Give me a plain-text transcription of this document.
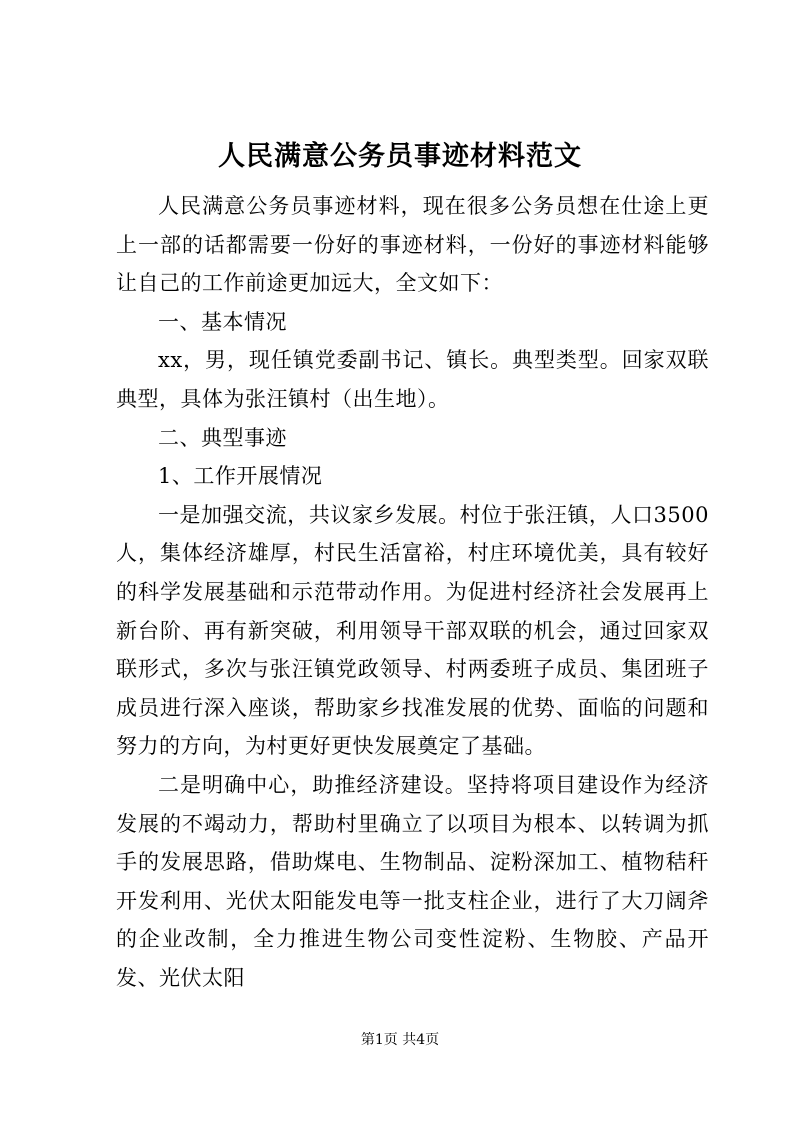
人民满意公务员事迹材料范文

人民满意公务员事迹材料，现在很多公务员想在仕途上更上一部的话都需要一份好的事迹材料，一份好的事迹材料能够让自己的工作前途更加远大，全文如下：

一、基本情况

xx，男，现任镇党委副书记、镇长。典型类型。回家双联典型，具体为张汪镇村（出生地）。

二、典型事迹

1、工作开展情况

一是加强交流，共议家乡发展。村位于张汪镇，人口3500人，集体经济雄厚，村民生活富裕，村庄环境优美，具有较好的科学发展基础和示范带动作用。为促进村经济社会发展再上新台阶、再有新突破，利用领导干部双联的机会，通过回家双联形式，多次与张汪镇党政领导、村两委班子成员、集团班子成员进行深入座谈，帮助家乡找准发展的优势、面临的问题和努力的方向，为村更好更快发展奠定了基础。

二是明确中心，助推经济建设。坚持将项目建设作为经济发展的不竭动力，帮助村里确立了以项目为根本、以转调为抓手的发展思路，借助煤电、生物制品、淀粉深加工、植物秸秆开发利用、光伏太阳能发电等一批支柱企业，进行了大刀阔斧的企业改制，全力推进生物公司变性淀粉、生物胶、产品开发、光伏太阳

第1页 共4页
